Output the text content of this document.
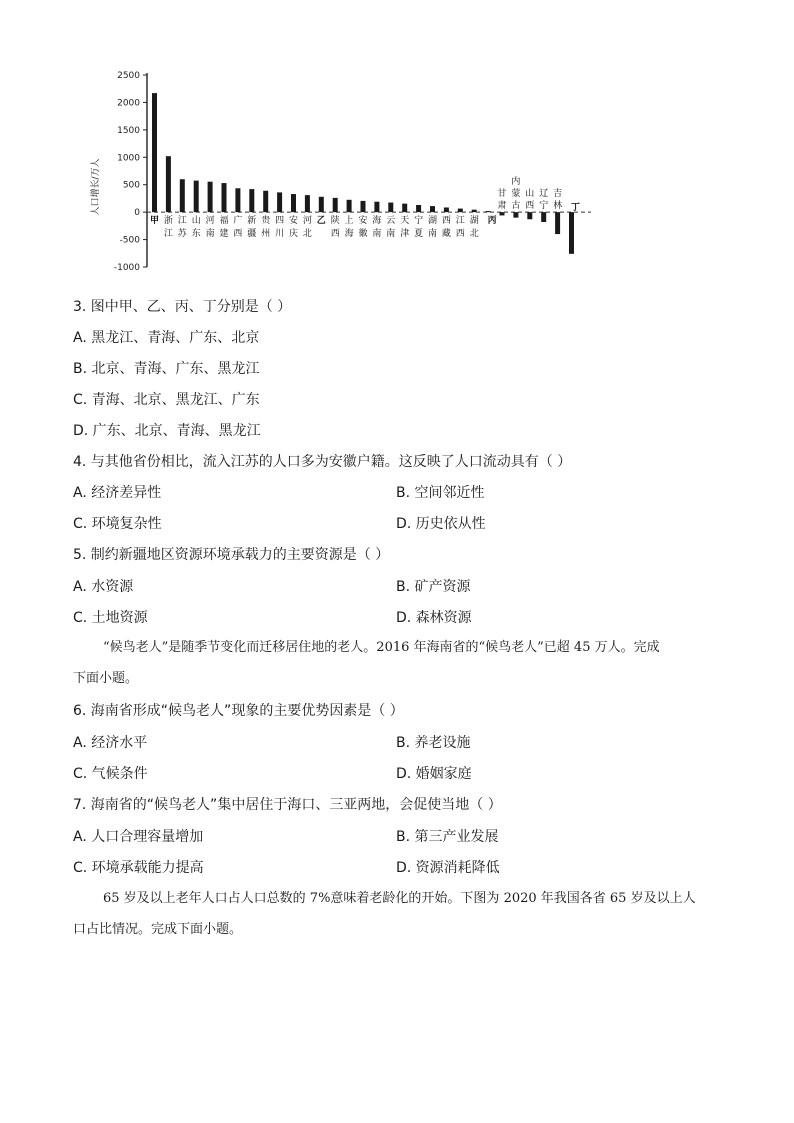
2500
2000
1500
1000
500
0
-500
-1000
人口增长/万人
甲 浙 江 山 河 福 广 新 贵 四 安 河 乙 陕 上 安 海 云 天 宁 湖 西 江 湖 丙
江 苏 东 南 建 西 疆 州 川 庆 北 西 海 徽 南 南 津 夏 南 藏 西 北
甘
肃
内
蒙
古
山
西
辽
宁
吉
林 丁
3. 图中甲、乙、丙、丁分别是（ ）
A. 黑龙江、青海、广东、北京
B. 北京、青海、广东、黑龙江
C. 青海、北京、黑龙江、广东
D. 广东、北京、青海、黑龙江
4. 与其他省份相比，流入江苏的人口多为安徽户籍。这反映了人口流动具有（ ）
A. 经济差异性	B. 空间邻近性
C. 环境复杂性	D. 历史依从性
5. 制约新疆地区资源环境承载力的主要资源是（ ）
A. 水资源	B. 矿产资源
C. 土地资源	D. 森林资源
“候鸟老人”是随季节变化而迁移居住地的老人。2016 年海南省的“候鸟老人”已超 45 万人。完成
下面小题。
6. 海南省形成“候鸟老人”现象的主要优势因素是（ ）
A. 经济水平	B. 养老设施
C. 气候条件	D. 婚姻家庭
7. 海南省的“候鸟老人”集中居住于海口、三亚两地，会促使当地（ ）
A. 人口合理容量增加	B. 第三产业发展
C. 环境承载能力提高	D. 资源消耗降低
65 岁及以上老年人口占人口总数的 7%意味着老龄化的开始。下图为 2020 年我国各省 65 岁及以上人
口占比情况。完成下面小题。
